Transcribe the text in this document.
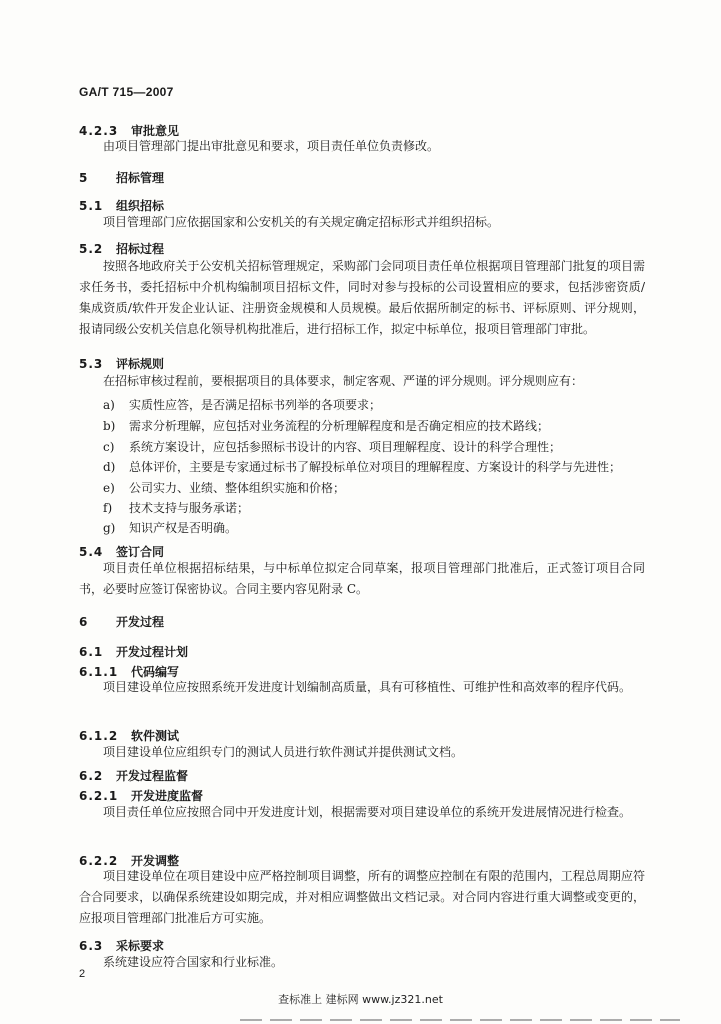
GA/T 715—2007
4.2.3 审批意见
由项目管理部门提出审批意见和要求，项目责任单位负责修改。
5 招标管理
5.1 组织招标
项目管理部门应依据国家和公安机关的有关规定确定招标形式并组织招标。
5.2 招标过程
按照各地政府关于公安机关招标管理规定，采购部门会同项目责任单位根据项目管理部门批复的项目需求任务书，委托招标中介机构编制项目招标文件，同时对参与投标的公司设置相应的要求，包括涉密资质/集成资质/软件开发企业认证、注册资金规模和人员规模。最后依据所制定的标书、评标原则、评分规则，报请同级公安机关信息化领导机构批准后，进行招标工作，拟定中标单位，报项目管理部门审批。
5.3 评标规则
在招标审核过程前，要根据项目的具体要求，制定客观、严谨的评分规则。评分规则应有：
a) 实质性应答，是否满足招标书列举的各项要求；
b) 需求分析理解，应包括对业务流程的分析理解程度和是否确定相应的技术路线；
c) 系统方案设计，应包括参照标书设计的内容、项目理解程度、设计的科学合理性；
d) 总体评价，主要是专家通过标书了解投标单位对项目的理解程度、方案设计的科学与先进性；
e) 公司实力、业绩、整体组织实施和价格；
f) 技术支持与服务承诺；
g) 知识产权是否明确。
5.4 签订合同
项目责任单位根据招标结果，与中标单位拟定合同草案，报项目管理部门批准后，正式签订项目合同书，必要时应签订保密协议。合同主要内容见附录 C。
6 开发过程
6.1 开发过程计划
6.1.1 代码编写
项目建设单位应按照系统开发进度计划编制高质量，具有可移植性、可维护性和高效率的程序代码。
6.1.2 软件测试
项目建设单位应组织专门的测试人员进行软件测试并提供测试文档。
6.2 开发过程监督
6.2.1 开发进度监督
项目责任单位应按照合同中开发进度计划，根据需要对项目建设单位的系统开发进展情况进行检查。
6.2.2 开发调整
项目建设单位在项目建设中应严格控制项目调整，所有的调整应控制在有限的范围内，工程总周期应符合合同要求，以确保系统建设如期完成，并对相应调整做出文档记录。对合同内容进行重大调整或变更的，应报项目管理部门批准后方可实施。
6.3 采标要求
系统建设应符合国家和行业标准。
2
查标准上 建标网 www.jz321.net
